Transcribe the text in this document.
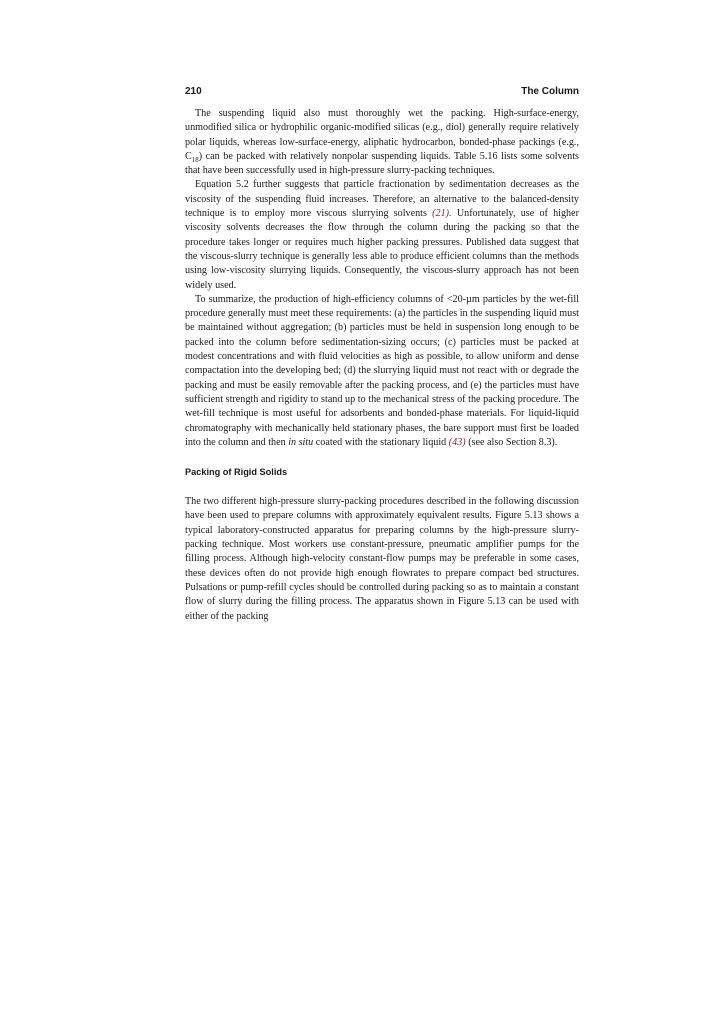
210	The Column

The suspending liquid also must thoroughly wet the packing. High-surface-energy, unmodified silica or hydrophilic organic-modified silicas (e.g., diol) generally require relatively polar liquids, whereas low-surface-energy, aliphatic hydrocarbon, bonded-phase packings (e.g., $C_{18}$) can be packed with relatively nonpolar suspending liquids. Table 5.16 lists some solvents that have been successfully used in high-pressure slurry-packing techniques.

Equation 5.2 further suggests that particle fractionation by sedimentation decreases as the viscosity of the suspending fluid increases. Therefore, an alternative to the balanced-density technique is to employ more viscous slurrying solvents (21). Unfortunately, use of higher viscosity solvents decreases the flow through the column during the packing so that the procedure takes longer or requires much higher packing pressures. Published data suggest that the viscous-slurry technique is generally less able to produce efficient columns than the methods using low-viscosity slurrying liquids. Consequently, the viscous-slurry approach has not been widely used.

To summarize, the production of high-efficiency columns of <20-µm particles by the wet-fill procedure generally must meet these requirements: (a) the particles in the suspending liquid must be maintained without aggregation; (b) particles must be held in suspension long enough to be packed into the column before sedimentation-sizing occurs; (c) particles must be packed at modest concentrations and with fluid velocities as high as possible, to allow uniform and dense compactation into the developing bed; (d) the slurrying liquid must not react with or degrade the packing and must be easily removable after the packing process, and (e) the particles must have sufficient strength and rigidity to stand up to the mechanical stress of the packing procedure. The wet-fill technique is most useful for adsorbents and bonded-phase materials. For liquid-liquid chromatography with mechanically held stationary phases, the bare support must first be loaded into the column and then in situ coated with the stationary liquid (43) (see also Section 8.3).

Packing of Rigid Solids

The two different high-pressure slurry-packing procedures described in the following discussion have been used to prepare columns with approximately equivalent results. Figure 5.13 shows a typical laboratory-constructed apparatus for preparing columns by the high-pressure slurry-packing technique. Most workers use constant-pressure, pneumatic amplifier pumps for the filling process. Although high-velocity constant-flow pumps may be preferable in some cases, these devices often do not provide high enough flowrates to prepare compact bed structures. Pulsations or pump-refill cycles should be controlled during packing so as to maintain a constant flow of slurry during the filling process. The apparatus shown in Figure 5.13 can be used with either of the packing
